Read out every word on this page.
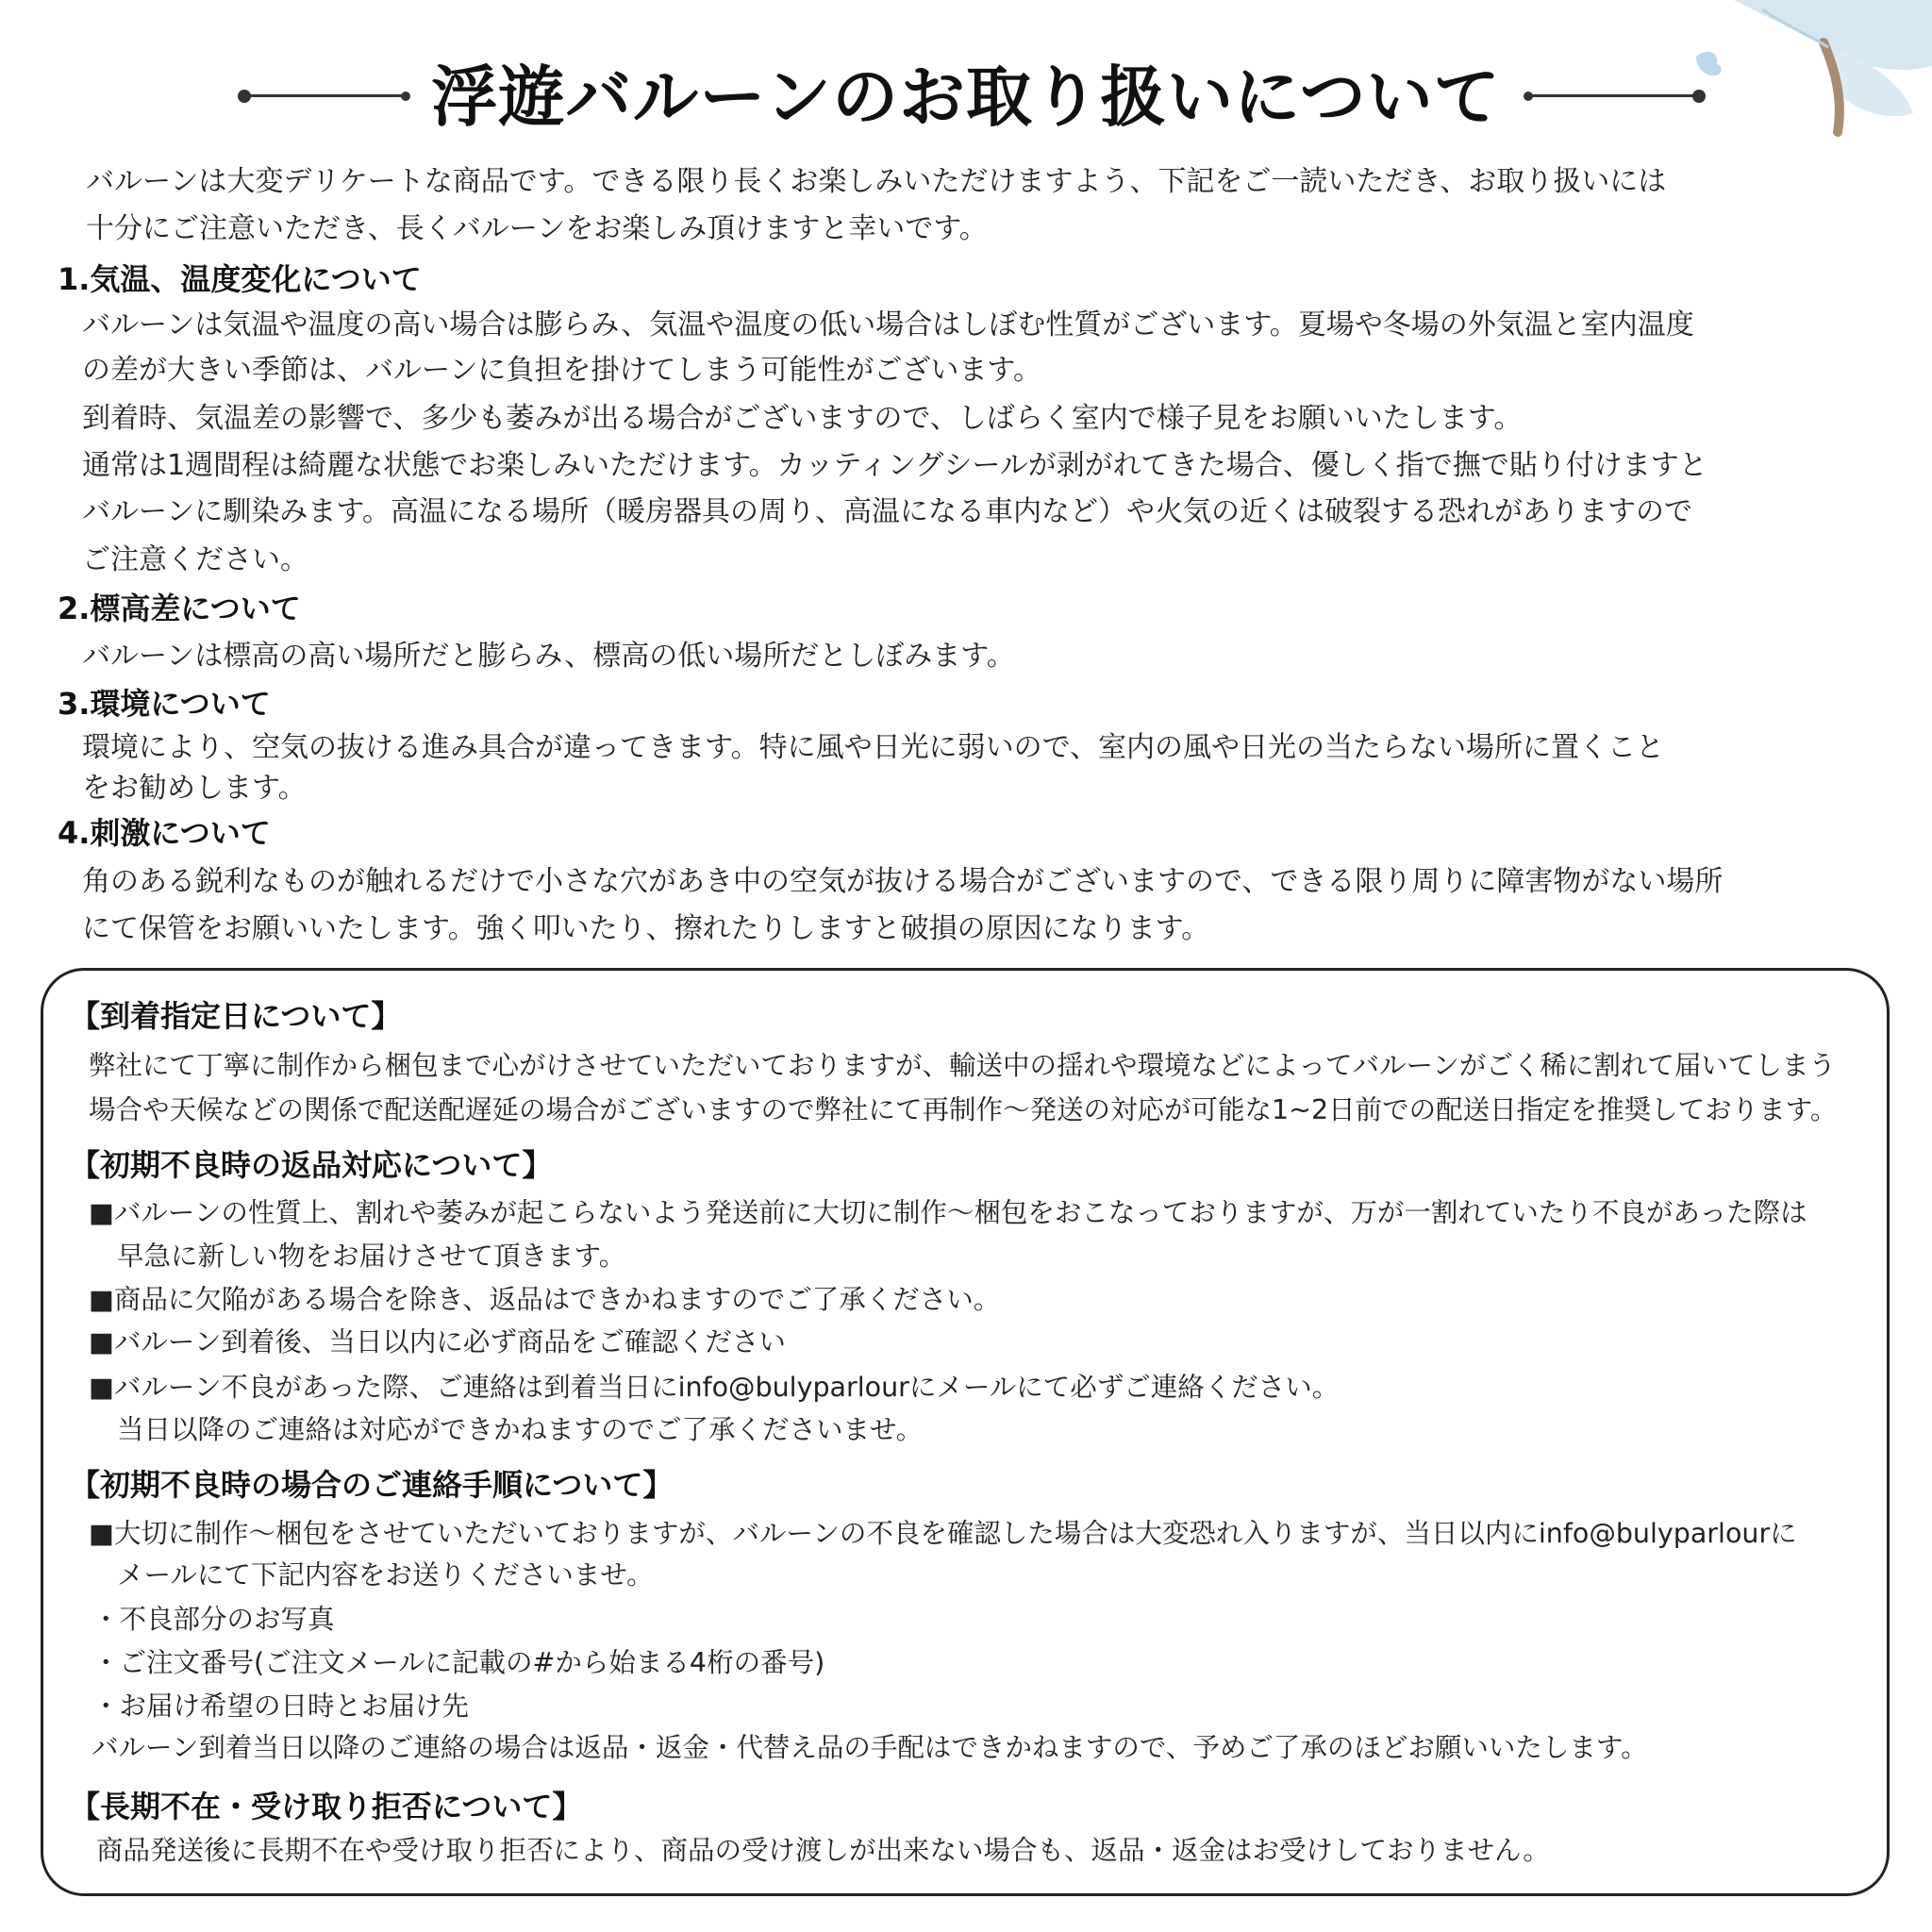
浮遊バルーンのお取り扱いについて
バルーンは大変デリケートな商品です。できる限り長くお楽しみいただけますよう、下記をご一読いただき、お取り扱いには
十分にご注意いただき、長くバルーンをお楽しみ頂けますと幸いです。
1.気温、温度変化について
バルーンは気温や温度の高い場合は膨らみ、気温や温度の低い場合はしぼむ性質がございます。夏場や冬場の外気温と室内温度
の差が大きい季節は、バルーンに負担を掛けてしまう可能性がございます。
到着時、気温差の影響で、多少も萎みが出る場合がございますので、しばらく室内で様子見をお願いいたします。
通常は1週間程は綺麗な状態でお楽しみいただけます。カッティングシールが剥がれてきた場合、優しく指で撫で貼り付けますと
バルーンに馴染みます。高温になる場所（暖房器具の周り、高温になる車内など）や火気の近くは破裂する恐れがありますので
ご注意ください。
2.標高差について
バルーンは標高の高い場所だと膨らみ、標高の低い場所だとしぼみます。
3.環境について
環境により、空気の抜ける進み具合が違ってきます。特に風や日光に弱いので、室内の風や日光の当たらない場所に置くこと
をお勧めします。
4.刺激について
角のある鋭利なものが触れるだけで小さな穴があき中の空気が抜ける場合がございますので、できる限り周りに障害物がない場所
にて保管をお願いいたします。強く叩いたり、擦れたりしますと破損の原因になります。
【到着指定日について】
弊社にて丁寧に制作から梱包まで心がけさせていただいておりますが、輸送中の揺れや環境などによってバルーンがごく稀に割れて届いてしまう
場合や天候などの関係で配送配遅延の場合がございますので弊社にて再制作〜発送の対応が可能な1~2日前での配送日指定を推奨しております。
【初期不良時の返品対応について】
■バルーンの性質上、割れや萎みが起こらないよう発送前に大切に制作〜梱包をおこなっておりますが、万が一割れていたり不良があった際は
早急に新しい物をお届けさせて頂きます。
■商品に欠陥がある場合を除き、返品はできかねますのでご了承ください。
■バルーン到着後、当日以内に必ず商品をご確認ください
■バルーン不良があった際、ご連絡は到着当日にinfo@bulyparlourにメールにて必ずご連絡ください。
当日以降のご連絡は対応ができかねますのでご了承くださいませ。
【初期不良時の場合のご連絡手順について】
■大切に制作〜梱包をさせていただいておりますが、バルーンの不良を確認した場合は大変恐れ入りますが、当日以内にinfo@bulyparlourに
メールにて下記内容をお送りくださいませ。
・不良部分のお写真
・ご注文番号(ご注文メールに記載の#から始まる4桁の番号)
・お届け希望の日時とお届け先
バルーン到着当日以降のご連絡の場合は返品・返金・代替え品の手配はできかねますので、予めご了承のほどお願いいたします。
【長期不在・受け取り拒否について】
商品発送後に長期不在や受け取り拒否により、商品の受け渡しが出来ない場合も、返品・返金はお受けしておりません。
